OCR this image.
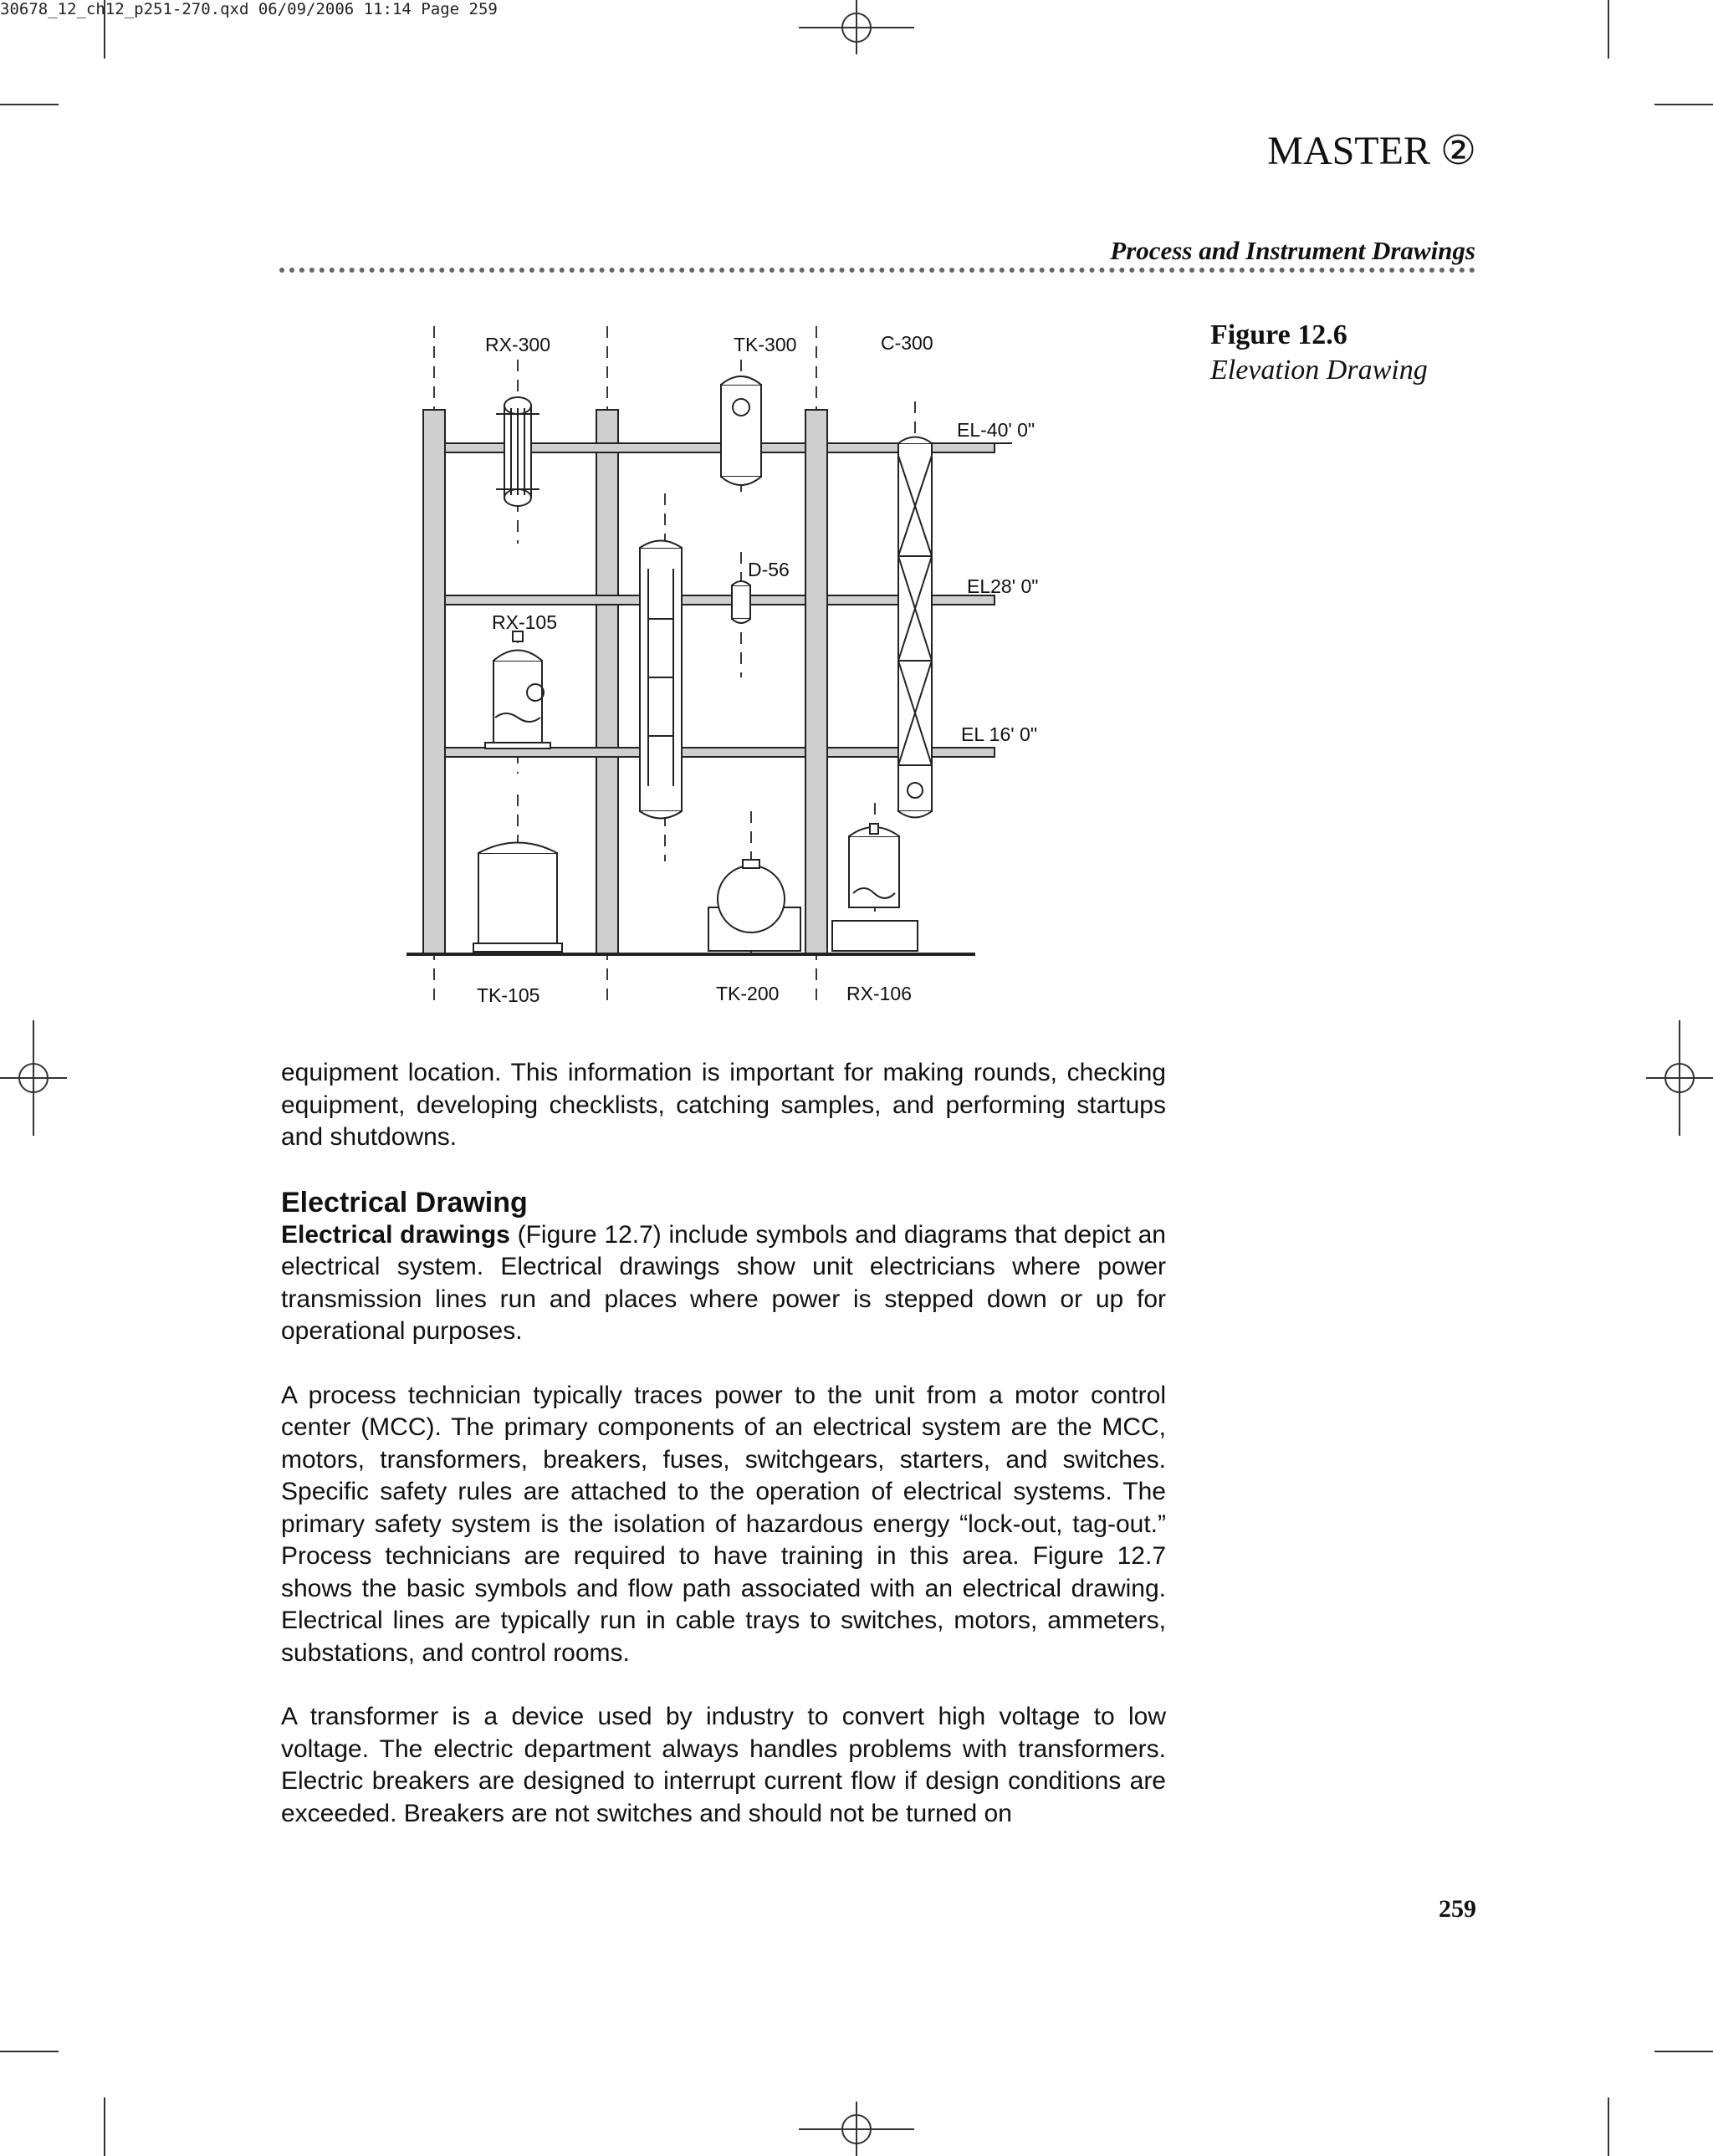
30678_12_ch12_p251-270.qxd 06/09/2006 11:14 Page 259
MASTER ②
Process and Instrument Drawings
Figure 12.6
Elevation Drawing
RX-300	TK-300	C-300
EL-40' 0"
D-56
EL28' 0"
RX-105
EL 16' 0"
TK-105	TK-200	RX-106

equipment location. This information is important for making rounds, checking equipment, developing checklists, catching samples, and performing startups and shutdowns.

Electrical Drawing

Electrical drawings (Figure 12.7) include symbols and diagrams that depict an electrical system. Electrical drawings show unit electricians where power transmission lines run and places where power is stepped down or up for operational purposes.

A process technician typically traces power to the unit from a motor control center (MCC). The primary components of an electrical system are the MCC, motors, transformers, breakers, fuses, switchgears, starters, and switches. Specific safety rules are attached to the operation of electrical systems. The primary safety system is the isolation of hazardous energy “lock-out, tag-out.” Process technicians are required to have training in this area. Figure 12.7 shows the basic symbols and flow path associated with an electrical drawing. Electrical lines are typically run in cable trays to switches, motors, ammeters, substations, and control rooms.

A transformer is a device used by industry to convert high voltage to low voltage. The electric department always handles problems with transformers. Electric breakers are designed to interrupt current flow if design conditions are exceeded. Breakers are not switches and should not be turned on

259
